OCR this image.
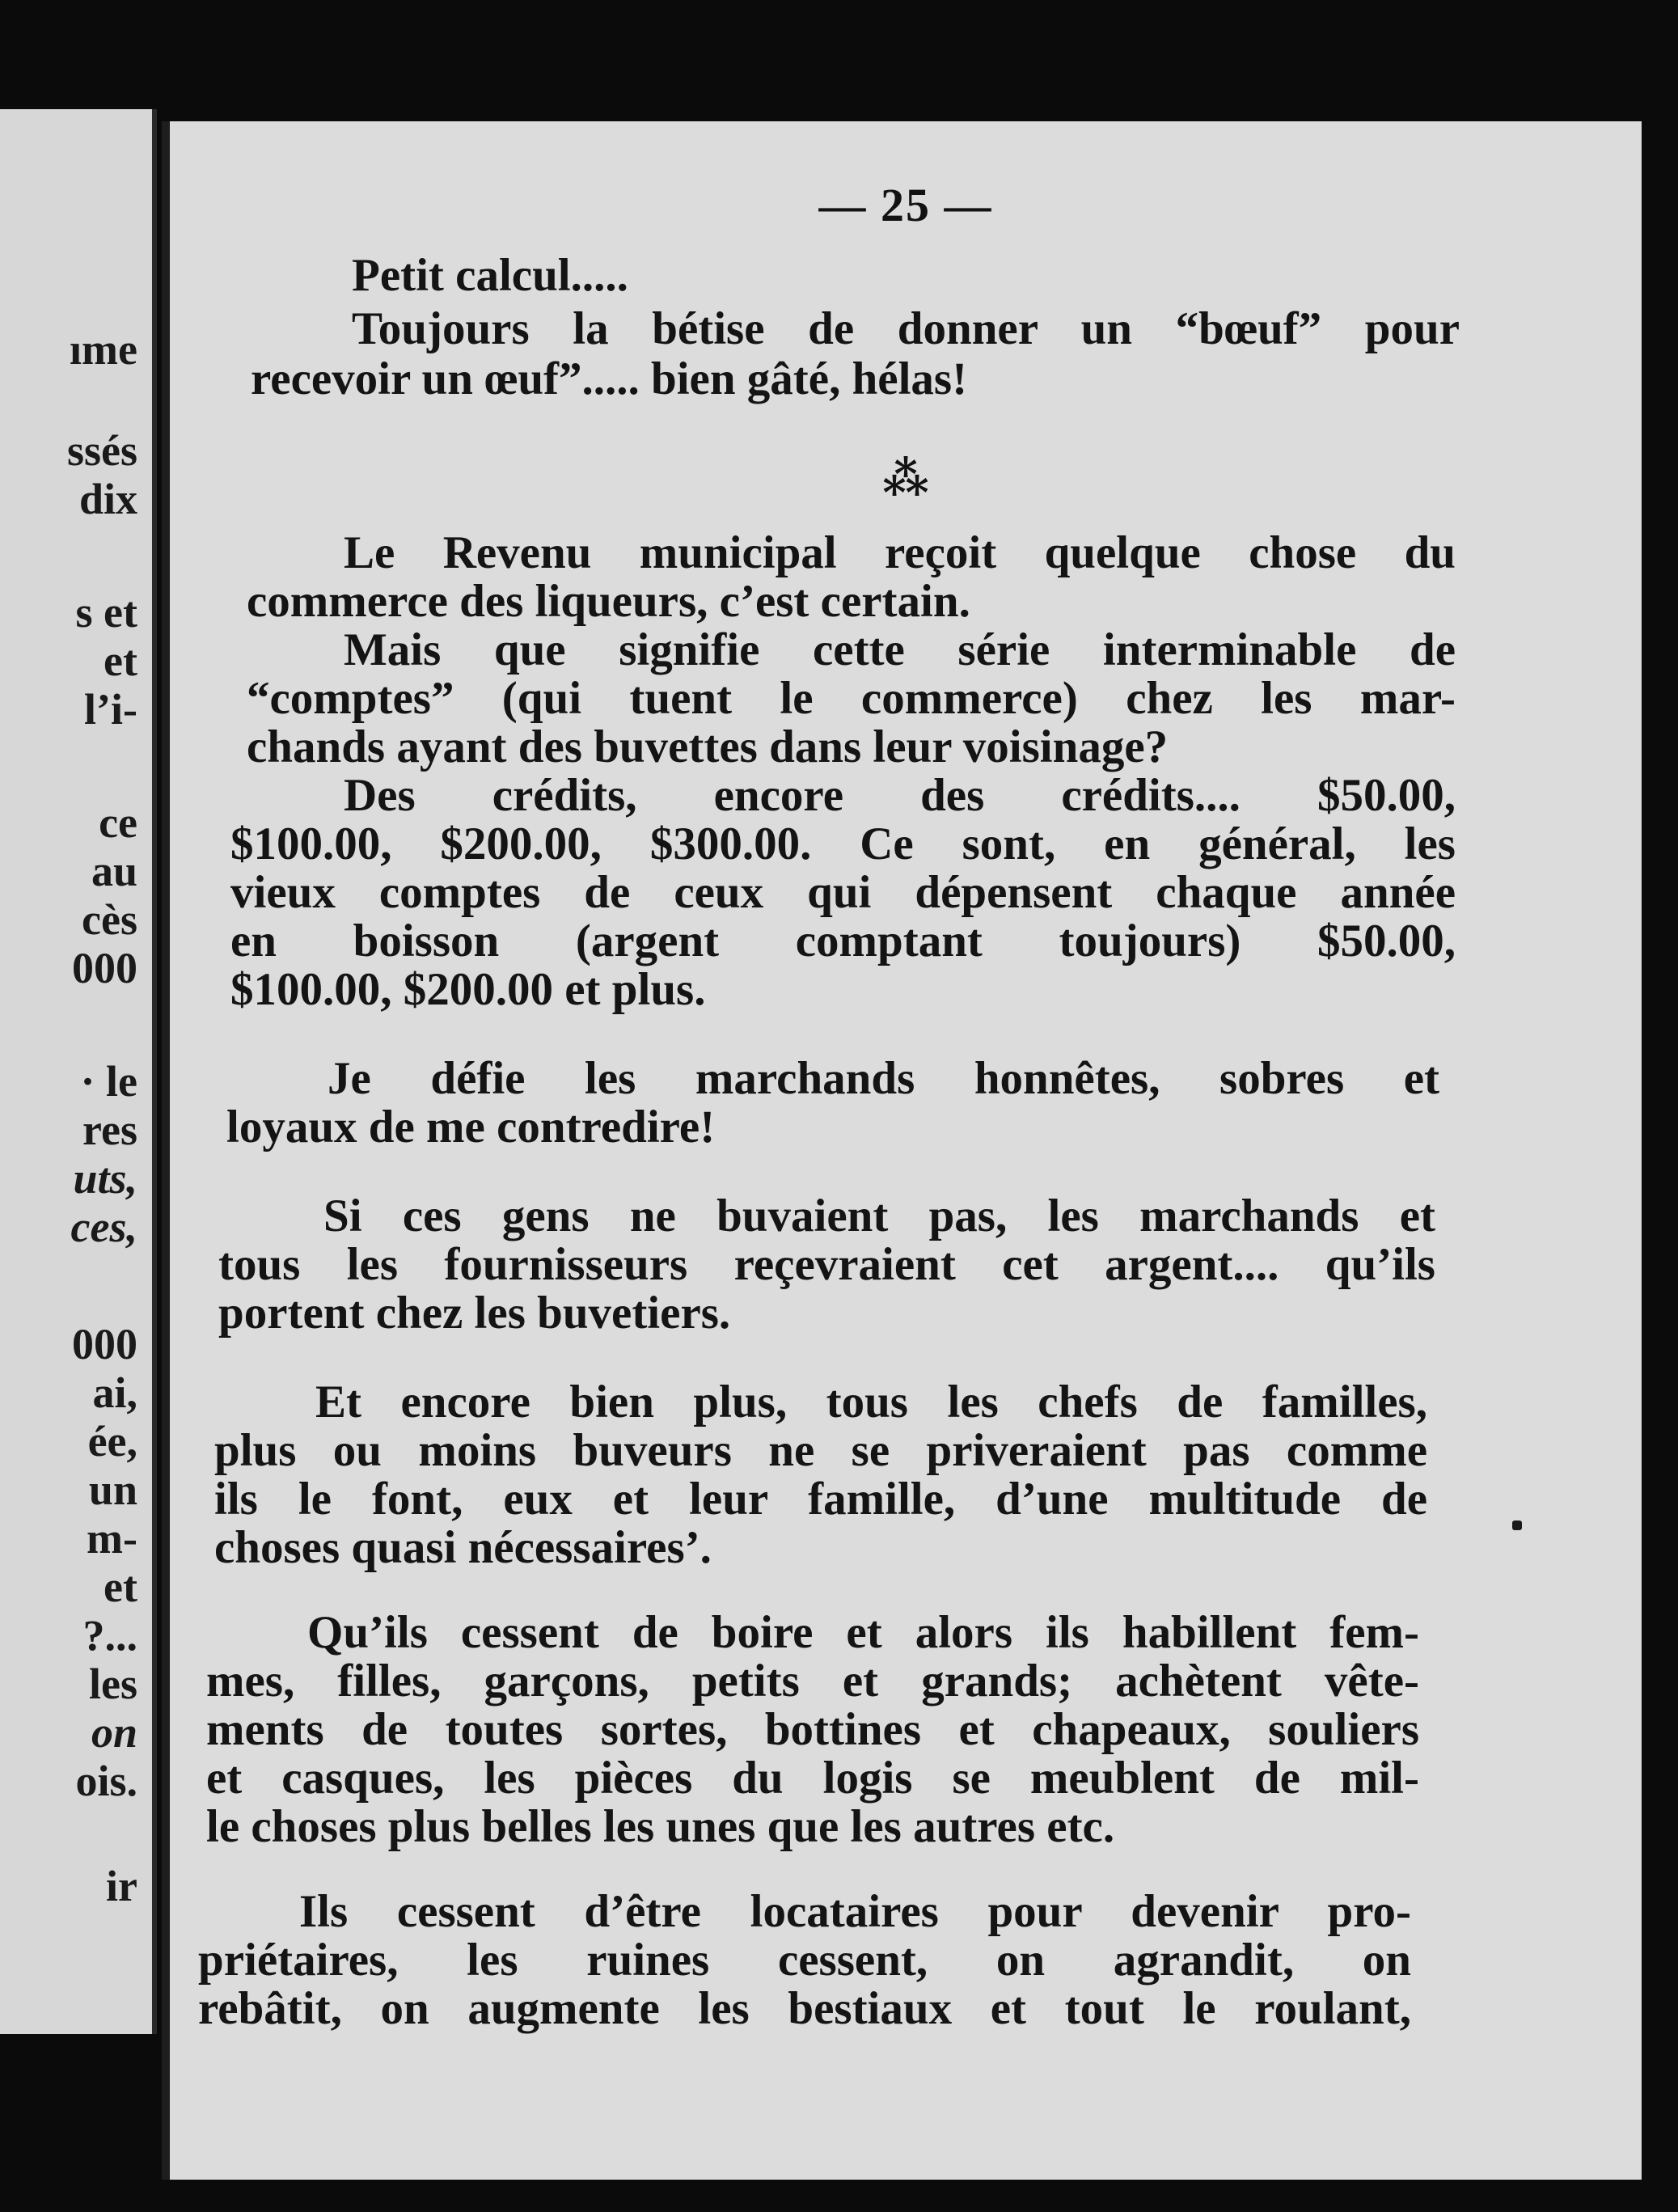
ıme
ssés
dix
s et
et
l’i-
ce
au
cès
000
· le
res
uts,
ces,
000
ai,
ée,
un
m-
et
?...
les
on
ois.
ir
— 25 —
Petit calcul.....
Toujours la bétise de donner un “bœuf” pour
recevoir un œuf”..... bien gâté, hélas!
⁂
Le Revenu municipal reçoit quelque chose du
commerce des liqueurs, c’est certain.
Mais que signifie cette série interminable de
“comptes” (qui tuent le commerce) chez les mar-
chands ayant des buvettes dans leur voisinage?
Des crédits, encore des crédits.... $50.00,
$100.00, $200.00, $300.00. Ce sont, en général, les
vieux comptes de ceux qui dépensent chaque année
en boisson (argent comptant toujours) $50.00,
$100.00, $200.00 et plus.
Je défie les marchands honnêtes, sobres et
loyaux de me contredire!
Si ces gens ne buvaient pas, les marchands et
tous les fournisseurs reçevraient cet argent.... qu’ils
portent chez les buvetiers.
Et encore bien plus, tous les chefs de familles,
plus ou moins buveurs ne se priveraient pas comme
ils le font, eux et leur famille, d’une multitude de
choses quasi nécessaires’.
Qu’ils cessent de boire et alors ils habillent fem-
mes, filles, garçons, petits et grands; achètent vête-
ments de toutes sortes, bottines et chapeaux, souliers
et casques, les pièces du logis se meublent de mil-
le choses plus belles les unes que les autres etc.
Ils cessent d’être locataires pour devenir pro-
priétaires, les ruines cessent, on agrandit, on
rebâtit, on augmente les bestiaux et tout le roulant,
